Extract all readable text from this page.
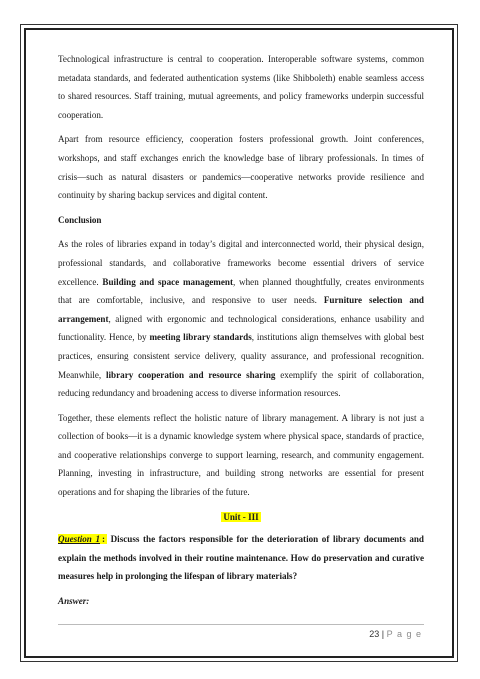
Technological infrastructure is central to cooperation. Interoperable software systems, common metadata standards, and federated authentication systems (like Shibboleth) enable seamless access to shared resources. Staff training, mutual agreements, and policy frameworks underpin successful cooperation.

Apart from resource efficiency, cooperation fosters professional growth. Joint conferences, workshops, and staff exchanges enrich the knowledge base of library professionals. In times of crisis—such as natural disasters or pandemics—cooperative networks provide resilience and continuity by sharing backup services and digital content.

Conclusion

As the roles of libraries expand in today’s digital and interconnected world, their physical design, professional standards, and collaborative frameworks become essential drivers of service excellence. Building and space management, when planned thoughtfully, creates environments that are comfortable, inclusive, and responsive to user needs. Furniture selection and arrangement, aligned with ergonomic and technological considerations, enhance usability and functionality. Hence, by meeting library standards, institutions align themselves with global best practices, ensuring consistent service delivery, quality assurance, and professional recognition. Meanwhile, library cooperation and resource sharing exemplify the spirit of collaboration, reducing redundancy and broadening access to diverse information resources.

Together, these elements reflect the holistic nature of library management. A library is not just a collection of books—it is a dynamic knowledge system where physical space, standards of practice, and cooperative relationships converge to support learning, research, and community engagement. Planning, investing in infrastructure, and building strong networks are essential for present operations and for shaping the libraries of the future.

Unit - III

Question 1 : Discuss the factors responsible for the deterioration of library documents and explain the methods involved in their routine maintenance. How do preservation and curative measures help in prolonging the lifespan of library materials?

Answer:
23 | P a g e
